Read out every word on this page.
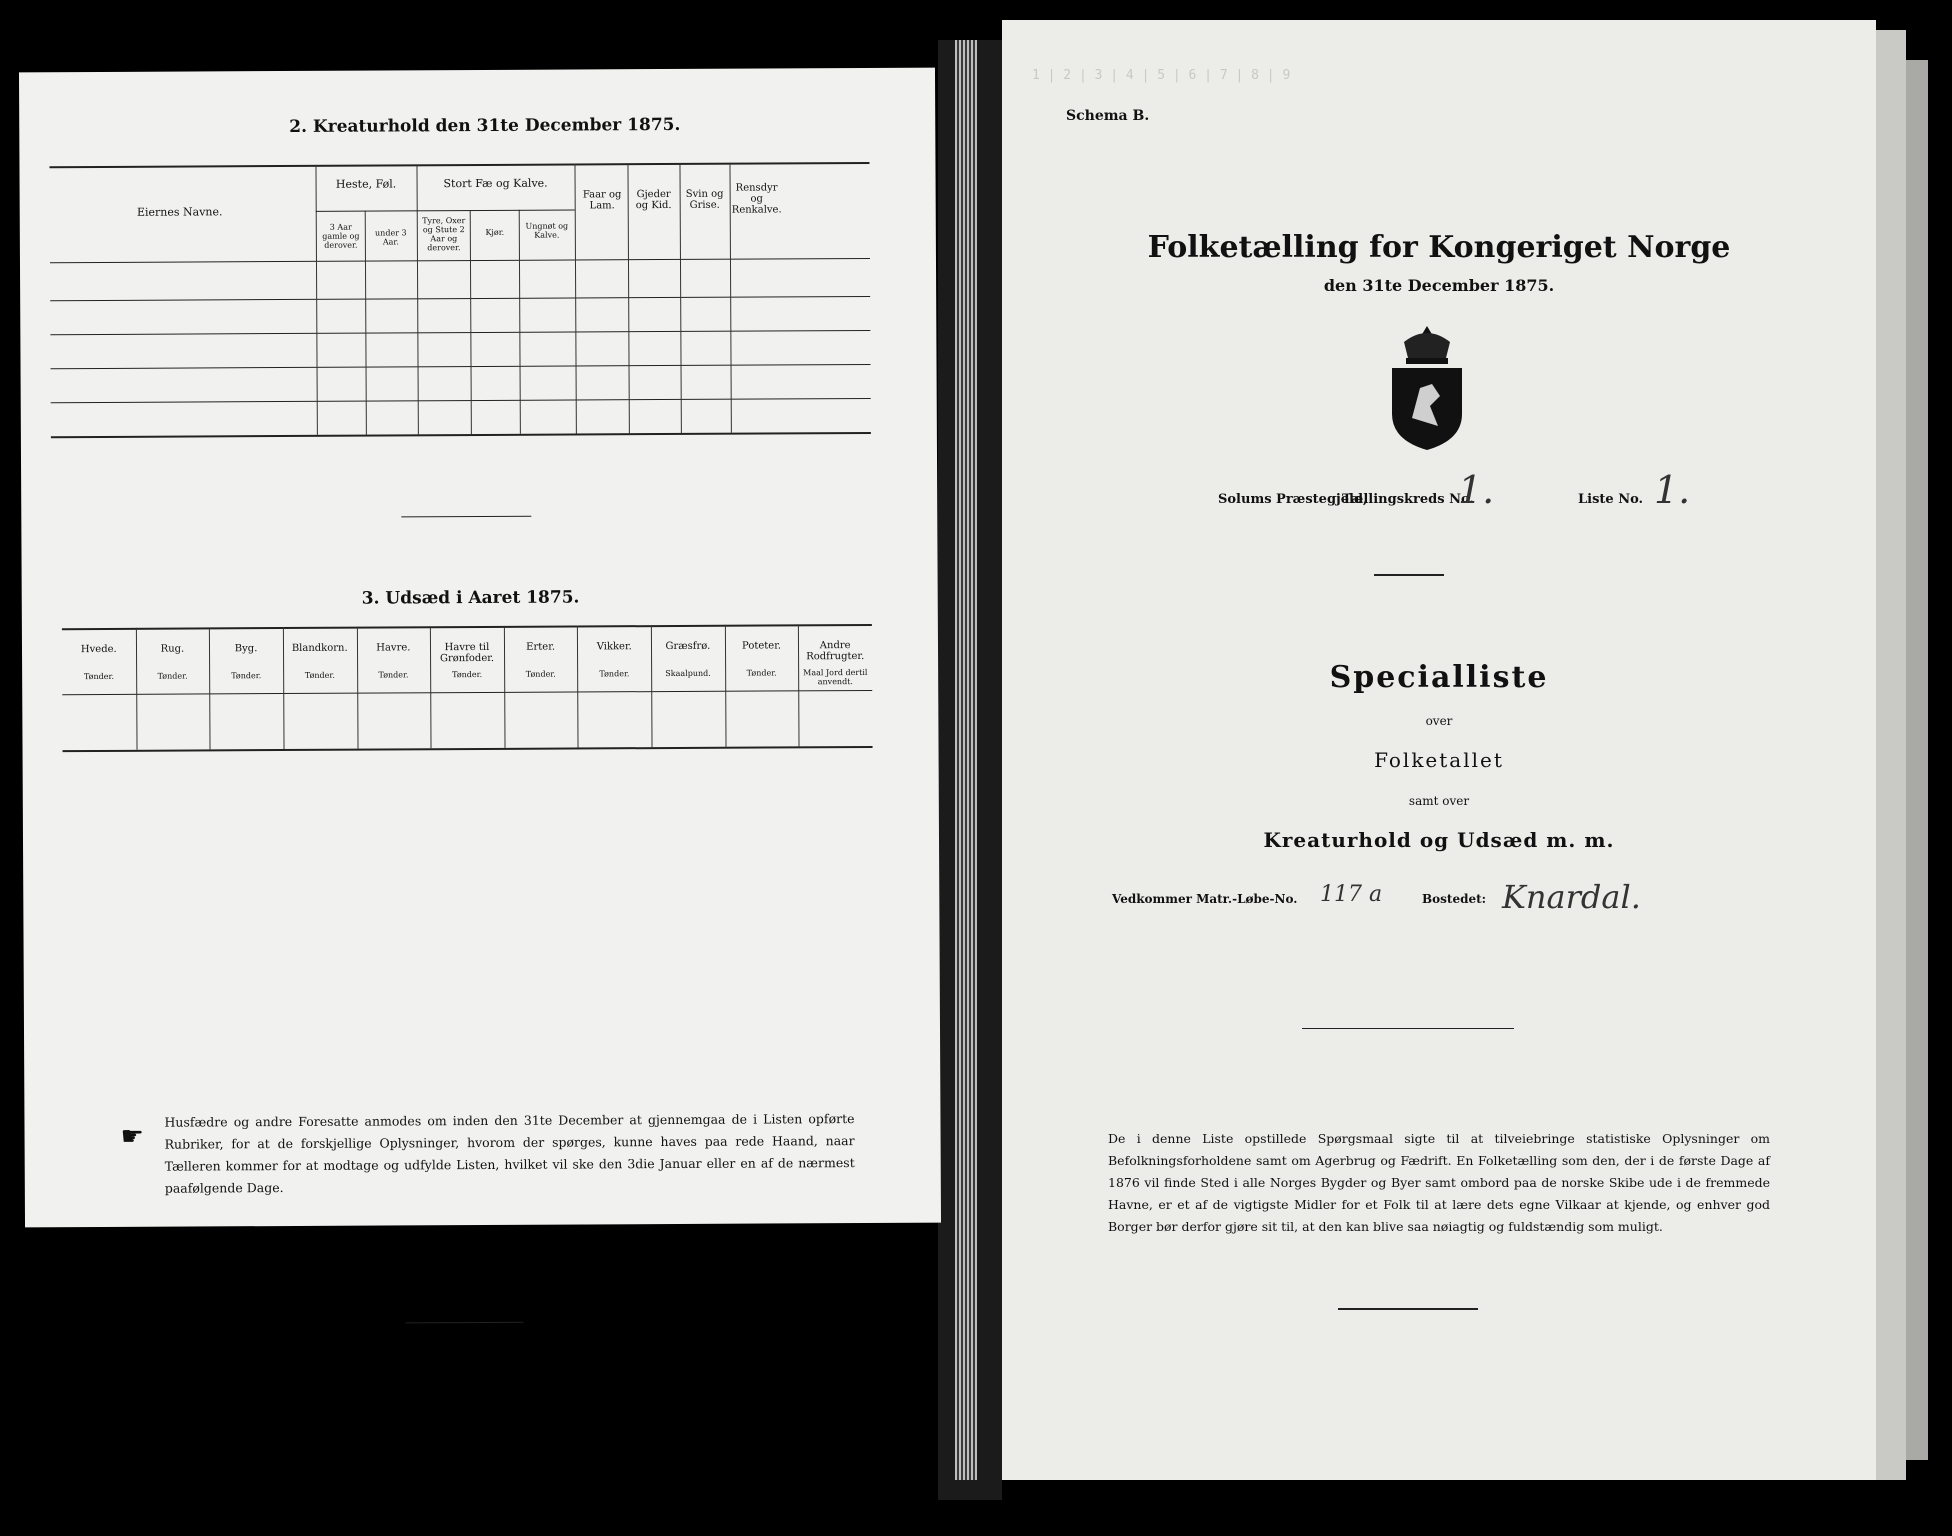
2. Kreaturhold den 31te December 1875.
Eiernes Navne.
Heste, Føl.
3 Aar gamle og derover.
under 3 Aar.
Stort Fæ og Kalve.
Tyre, Oxer og Stute 2 Aar og derover.
Kjør.
Ungnøt og Kalve.
Faar og Lam.
Gjeder og Kid.
Svin og Grise.
Rensdyr og Renkalve.
3. Udsæd i Aaret 1875.
Hvede.
Tønder.
Rug.
Tønder.
Byg.
Tønder.
Blandkorn.
Tønder.
Havre.
Tønder.
Havre til Grønfoder.
Tønder.
Erter.
Tønder.
Vikker.
Tønder.
Græsfrø.
Skaalpund.
Poteter.
Tønder.
Andre Rodfrugter.
Maal Jord dertil anvendt.
Husfædre og andre Foresatte anmodes om inden den 31te December at gjennemgaa de i Listen opførte Rubriker, for at de forskjellige Oplysninger, hvorom der spørges, kunne haves paa rede Haand, naar Tælleren kommer for at modtage og udfylde Listen, hvilket vil ske den 3die Januar eller en af de nærmest paafølgende Dage.
☛
1 | 2 | 3 | 4 | 5 | 6 | 7 | 8 | 9
Schema B.
Folketælling for Kongeriget Norge
den 31te December 1875.
Solums Præstegjeld,
Tællingskreds No.
1.	Liste No. 1.
Specialliste
over
Folketallet
samt over
Kreaturhold og Udsæd m. m.
Vedkommer Matr.-Løbe-No. 117 a	Bostedet: Knardal.
De i denne Liste opstillede Spørgsmaal sigte til at tilveiebringe statistiske Oplysninger om Befolkningsforholdene samt om Agerbrug og Fædrift. En Folketælling som den, der i de første Dage af 1876 vil finde Sted i alle Norges Bygder og Byer samt ombord paa de norske Skibe ude i de fremmede Havne, er et af de vigtigste Midler for et Folk til at lære dets egne Vilkaar at kjende, og enhver god Borger bør derfor gjøre sit til, at den kan blive saa nøiagtig og fuldstændig som muligt.
